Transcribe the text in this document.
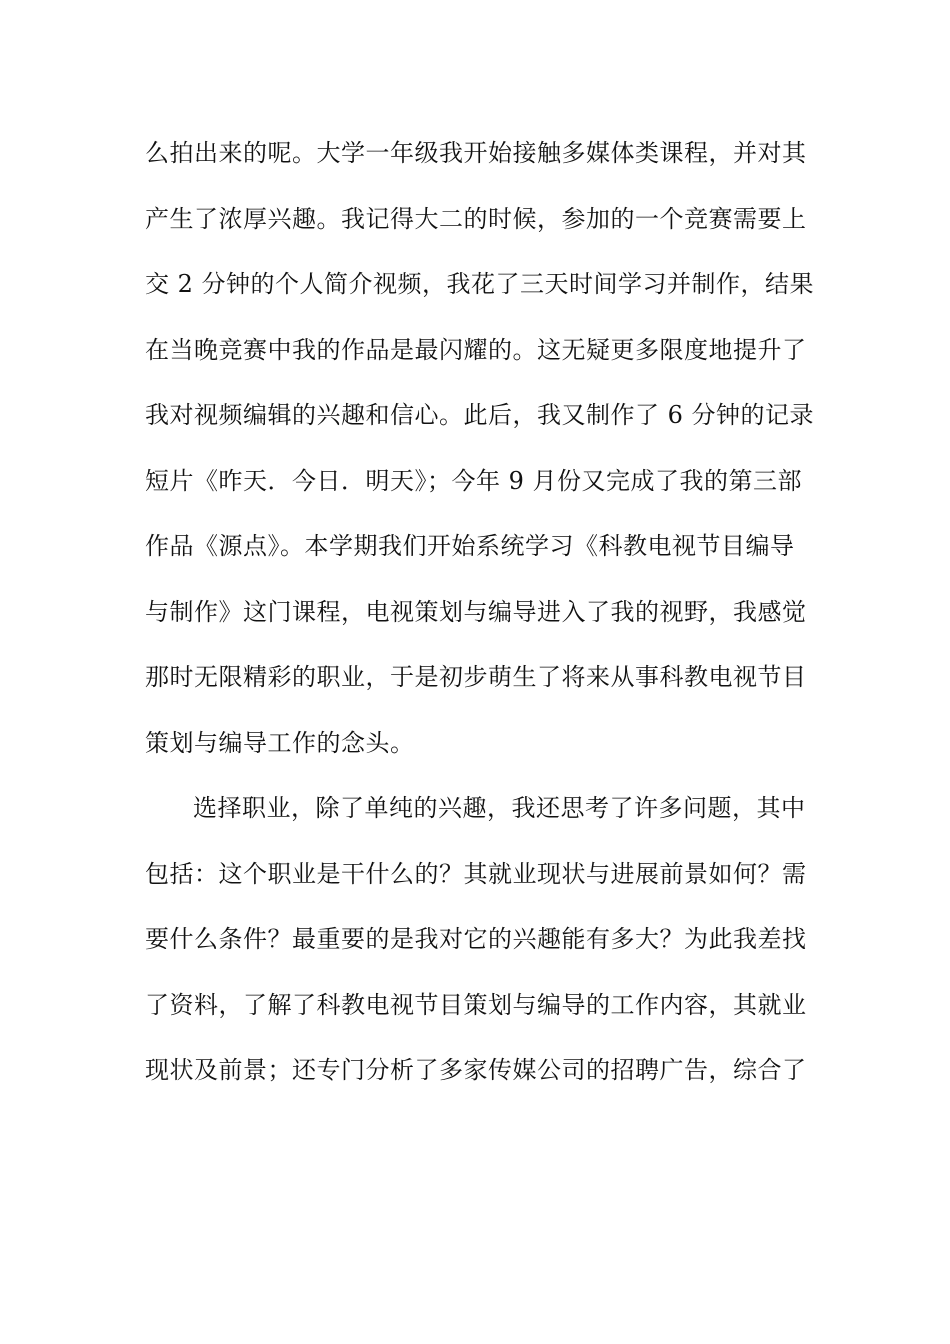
么拍出来的呢。大学一年级我开始接触多媒体类课程，并对其
产生了浓厚兴趣。我记得大二的时候，参加的一个竞赛需要上
交 2 分钟的个人简介视频，我花了三天时间学习并制作，结果
在当晚竞赛中我的作品是最闪耀的。这无疑更多限度地提升了
我对视频编辑的兴趣和信心。此后，我又制作了 6 分钟的记录
短片《昨天．今日．明天》；今年 9 月份又完成了我的第三部
作品《源点》。本学期我们开始系统学习《科教电视节目编导
与制作》这门课程，电视策划与编导进入了我的视野，我感觉
那时无限精彩的职业，于是初步萌生了将来从事科教电视节目
策划与编导工作的念头。
选择职业，除了单纯的兴趣，我还思考了许多问题，其中
包括：这个职业是干什么的？其就业现状与进展前景如何？需
要什么条件？最重要的是我对它的兴趣能有多大？为此我差找
了资料，了解了科教电视节目策划与编导的工作内容，其就业
现状及前景；还专门分析了多家传媒公司的招聘广告，综合了
